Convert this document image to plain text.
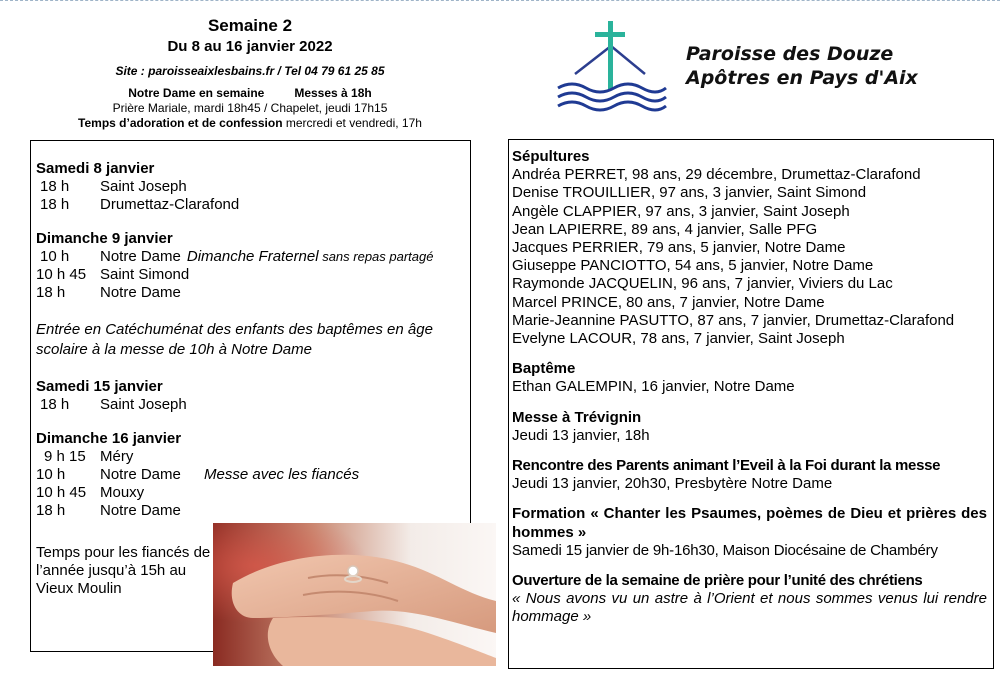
Semaine 2
Du 8 au 16 janvier 2022
Site : paroisseaixlesbains.fr / Tel 04 79 61 25 85
Notre Dame en semaine	Messes à 18h
Prière Mariale, mardi 18h45 / Chapelet, jeudi 17h15
Temps d’adoration et de confession mercredi et vendredi, 17h
Paroisse des Douze
Apôtres en Pays d'Aix
Samedi 8 janvier
18 h	Saint Joseph
18 h	Drumettaz-Clarafond
Dimanche 9 janvier
10 h	Notre Dame Dimanche Fraternel sans repas partagé
10 h 45 Saint Simond
18 h	Notre Dame
Entrée en Catéchuménat des enfants des baptêmes en âge scolaire à la messe de 10h à Notre Dame
Samedi 15 janvier
18 h	Saint Joseph
Dimanche 16 janvier
9 h 15 Méry
10 h	Notre Dame Messe avec les fiancés
10 h 45 Mouxy
18 h	Notre Dame
Temps pour les fiancés de l’année jusqu’à 15h au Vieux Moulin
Sépultures
Andréa PERRET, 98 ans, 29 décembre, Drumettaz-Clarafond
Denise TROUILLIER, 97 ans, 3 janvier, Saint Simond
Angèle CLAPPIER, 97 ans, 3 janvier, Saint Joseph
Jean LAPIERRE, 89 ans, 4 janvier, Salle PFG
Jacques PERRIER, 79 ans, 5 janvier, Notre Dame
Giuseppe PANCIOTTO, 54 ans, 5 janvier, Notre Dame
Raymonde JACQUELIN, 96 ans, 7 janvier, Viviers du Lac
Marcel PRINCE, 80 ans, 7 janvier, Notre Dame
Marie-Jeannine PASUTTO, 87 ans, 7 janvier, Drumettaz-Clarafond
Evelyne LACOUR, 78 ans, 7 janvier, Saint Joseph
Baptême
Ethan GALEMPIN, 16 janvier, Notre Dame
Messe à Trévignin
Jeudi 13 janvier, 18h
Rencontre des Parents animant l’Eveil à la Foi durant la messe
Jeudi 13 janvier, 20h30, Presbytère Notre Dame
Formation « Chanter les Psaumes, poèmes de Dieu et prières des hommes »
Samedi 15 janvier de 9h-16h30, Maison Diocésaine de Chambéry
Ouverture de la semaine de prière pour l’unité des chrétiens
« Nous avons vu un astre à l’Orient et nous sommes venus lui rendre hommage »
